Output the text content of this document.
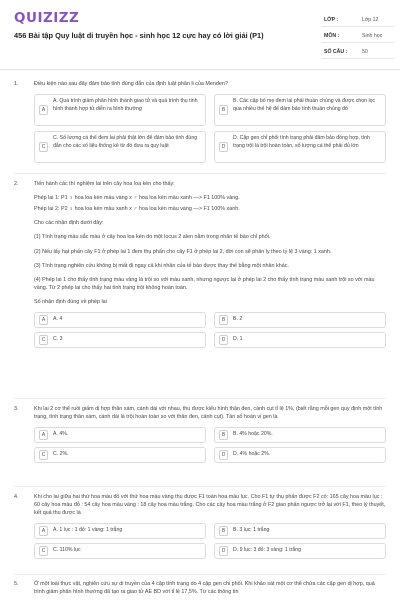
QUIZIZZ
456 Bài tập Quy luật di truyền học - sinh học 12 cực hay có lời giải (P1)
LỚP :	Lớp 12
MÔN :	Sinh học
SỐ CÂU :	50
1.	Điều kiện nào sau đây đảm bảo tính đúng đắn của định luật phân li của Menden?

A
A. Quá trình giảm phân hình thành giao tử và quá trình thụ tinh hình thành hợp tử diễn ra bình thường	B
B. Các cặp bố mẹ đem lai phải thuần chủng và được chọn lọc qua nhiều thế hệ để đảm bảo tính thuần chủng đó
C
C. Số lượng cá thể đem lai phải thật lớn để đảm bảo tính đúng đắn cho các số liệu thống kê từ đó đưa ra quy luật	D
D. Cặp gen chỉ phối tính trạng phải đảm bảo đồng hợp, tính trạng trội là trội hoàn toàn, số lượng cá thể phải đủ lớn
2.	Tiến hành các thí nghiệm lai trên cây hoa loa kèn cho thấy:

Phép lai 1: P1 ♀ hoa loa kèn màu vàng x ♂ hoa loa kèn màu xanh —> F1 100% vàng.

Phép lai 2: P2 ♀ hoa loa kèn màu xanh x ♂ hoa loa kèn màu vàng —> F1 100% xanh.

Cho các nhận định dưới đây:

(1) Tính trạng màu sắc màu ở cây hoa loa kèn do một locus 2 alen nằm trong nhân tế bào chỉ phối.

(2) Nếu lấy hạt phấn cây F1 ở phép lai 1 đem thụ phấn cho cây F1 ở phép lai 2, đời con sẽ phân ly theo tỷ lệ 3 vàng: 1 xanh.

(3) Tính trạng nghiên cứu không bị mất đi ngay cả khi nhân của tế bào được thay thế bằng một nhân khác.

(4) Phép lai 1 cho thấy tính trạng màu vàng là trội so với màu xanh, nhưng ngược lại ở phép lai 2 cho thấy tính trạng màu xanh trội so với màu vàng. Từ 2 phép lai cho thấy hai tính trạng trội không hoàn toàn.

Số nhận định đúng về phép lai

A	A. 4	B	B. 2
C	C. 3	D	D. 1
3.	Khi lai 2 cơ thể ruồi giấm dị hợp thân xám, cánh dài với nhau, thu được kiểu hình thân đen, cánh cụt tỉ lệ 1%, (biết rằng mỗi gen quy định một tính trạng, tính trạng thân xám, cánh dài là trội hoàn toàn so với thân đen, cánh cụt). Tần số hoán vị gen là

A	A. 4%.	B	B. 4% hoặc 20%.
C	C. 2%.	D	D. 4% hoặc 2%.
4.	Khi cho lai giữa hai thứ hoa màu đỏ với thứ hoa màu vàng thu được F1 toàn hoa màu lục. Cho F1 tự thụ phấn được F2 có: 165 cây hoa màu lục : 60 cây hoa màu đỏ : 54 cây hoa màu vàng : 18 cây hoa màu trắng. Cho các cây hoa màu trắng ở F2 giao phấn ngược trở lại với F1, theo lý thuyết, kết quả thu được là

A	A. 1 lục : 1 đỏ: 1 vàng: 1 trắng	B	B. 3 lục: 1 trắng
C	C. 110% lục	D	D. 9 lục: 3 đỏ: 3 vàng: 1 trắng
5.	Ở một loài thực vật, nghiên cứu sự di truyền của 4 cặp tính trạng do 4 cặp gen chi phối. Khi khảo sát một cơ thể chứa các cặp gen dị hợp, quá trình giảm phân hình thường đã tạo ra giao tử AE BD với tỉ lệ 17,5%. Từ các thông tin
